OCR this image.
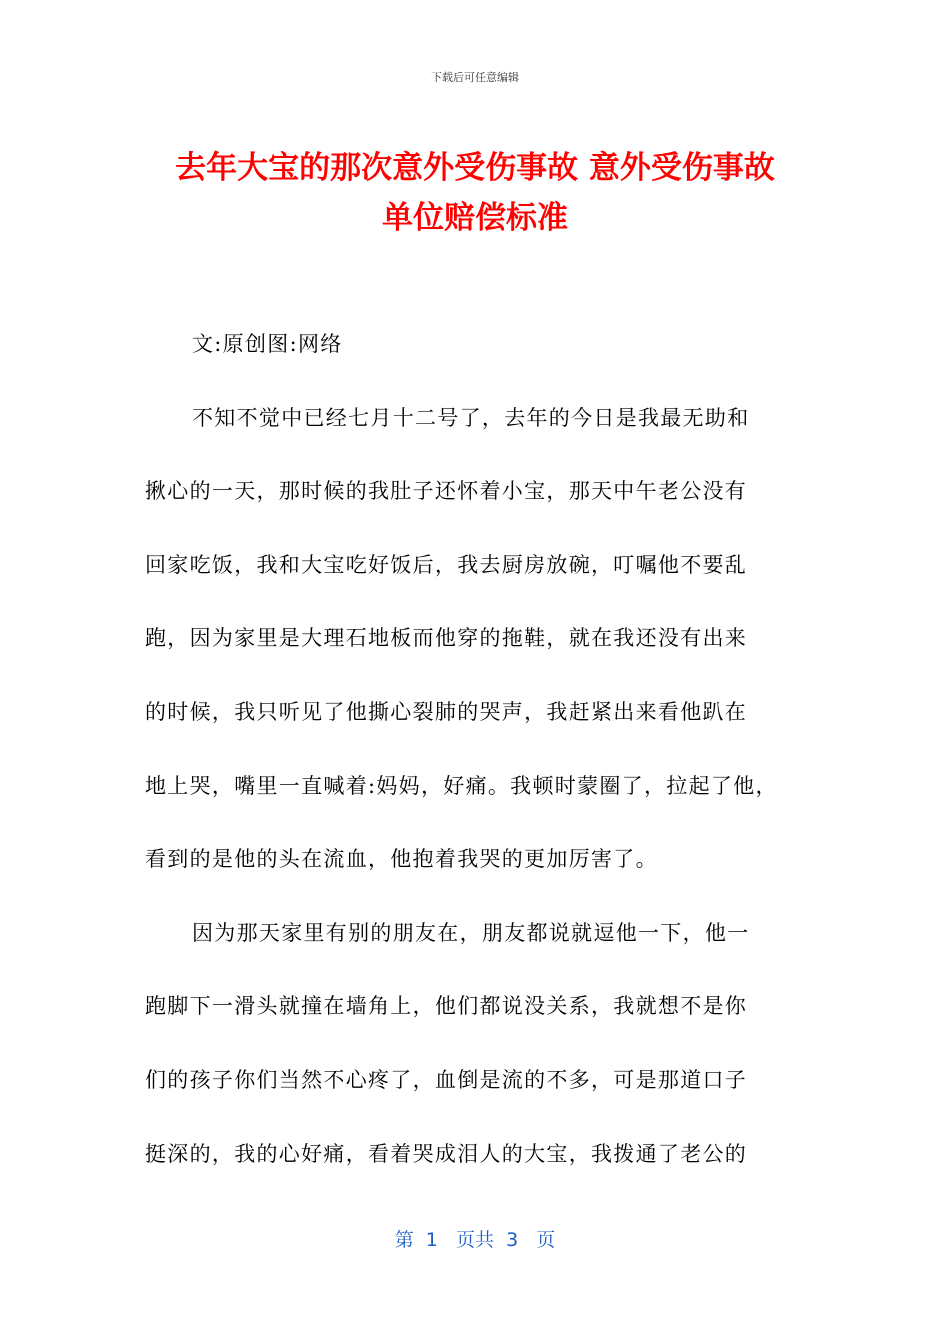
下载后可任意编辑
去年大宝的那次意外受伤事故 意外受伤事故
单位赔偿标准
文:原创图:网络
不知不觉中已经七月十二号了，去年的今日是我最无助和
揪心的一天，那时候的我肚子还怀着小宝，那天中午老公没有
回家吃饭，我和大宝吃好饭后，我去厨房放碗，叮嘱他不要乱
跑，因为家里是大理石地板而他穿的拖鞋，就在我还没有出来
的时候，我只听见了他撕心裂肺的哭声，我赶紧出来看他趴在
地上哭，嘴里一直喊着:妈妈，好痛。我顿时蒙圈了，拉起了他，
看到的是他的头在流血，他抱着我哭的更加厉害了。
因为那天家里有别的朋友在，朋友都说就逗他一下，他一
跑脚下一滑头就撞在墙角上，他们都说没关系，我就想不是你
们的孩子你们当然不心疼了，血倒是流的不多，可是那道口子
挺深的，我的心好痛，看着哭成泪人的大宝，我拨通了老公的
第  1   页共  3   页
